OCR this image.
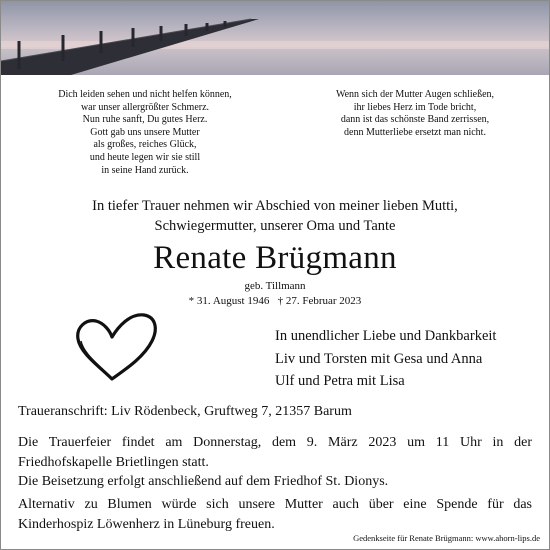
Dich leiden sehen und nicht helfen können,
war unser allergrößter Schmerz.
Nun ruhe sanft, Du gutes Herz.
Gott gab uns unsere Mutter
als großes, reiches Glück,
und heute legen wir sie still
in seine Hand zurück.
Wenn sich der Mutter Augen schließen,
ihr liebes Herz im Tode bricht,
dann ist das schönste Band zerrissen,
denn Mutterliebe ersetzt man nicht.
In tiefer Trauer nehmen wir Abschied von meiner lieben Mutti,
Schwiegermutter, unserer Oma und Tante
Renate Brügmann
geb. Tillmann
* 31. August 1946   † 27. Februar 2023
In unendlicher Liebe und Dankbarkeit
Liv und Torsten mit Gesa und Anna
Ulf und Petra mit Lisa
Traueranschrift: Liv Rödenbeck, Gruftweg 7, 21357 Barum
Die Trauerfeier findet am Donnerstag, dem 9. März 2023 um 11 Uhr in der Friedhofskapelle Brietlingen statt.
Die Beisetzung erfolgt anschließend auf dem Friedhof St. Dionys.
Alternativ zu Blumen würde sich unsere Mutter auch über eine Spende für das Kinderhospiz Löwenherz in Lüneburg freuen.
Gedenkseite für Renate Brügmann: www.ahorn-lips.de
